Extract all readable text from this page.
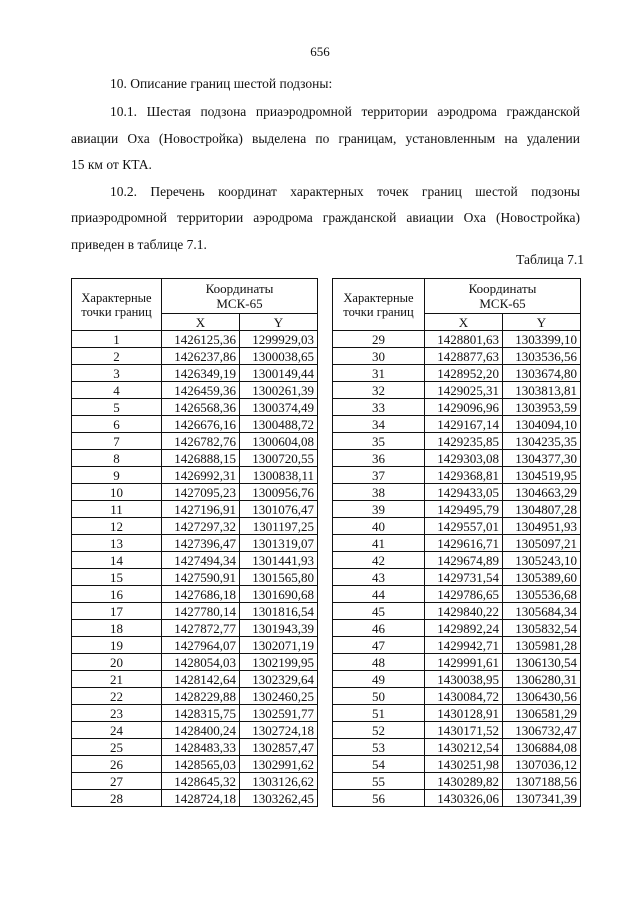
656
10. Описание границ шестой подзоны:
10.1. Шестая подзона приаэродромной территории аэродрома гражданской
авиации Оха (Новостройка) выделена по границам, установленным на удалении
15 км от КТА.
10.2. Перечень координат характерных точек границ шестой подзоны
приаэродромной территории аэродрома гражданской авиации Оха (Новостройка)
приведен в таблице 7.1.
Таблица 7.1
Характерные
точки границ	Координаты
МСК-65	
	X	Y
1	1426125,36	1299929,03
2	1426237,86	1300038,65
3	1426349,19	1300149,44
4	1426459,36	1300261,39
5	1426568,36	1300374,49
6	1426676,16	1300488,72
7	1426782,76	1300604,08
8	1426888,15	1300720,55
9	1426992,31	1300838,11
10	1427095,23	1300956,76
11	1427196,91	1301076,47
12	1427297,32	1301197,25
13	1427396,47	1301319,07
14	1427494,34	1301441,93
15	1427590,91	1301565,80
16	1427686,18	1301690,68
17	1427780,14	1301816,54
18	1427872,77	1301943,39
19	1427964,07	1302071,19
20	1428054,03	1302199,95
21	1428142,64	1302329,64
22	1428229,88	1302460,25
23	1428315,75	1302591,77
24	1428400,24	1302724,18
25	1428483,33	1302857,47
26	1428565,03	1302991,62
27	1428645,32	1303126,62
28	1428724,18	1303262,45
Характерные
точки границ	Координаты
МСК-65	
	X	Y
29	1428801,63	1303399,10
30	1428877,63	1303536,56
31	1428952,20	1303674,80
32	1429025,31	1303813,81
33	1429096,96	1303953,59
34	1429167,14	1304094,10
35	1429235,85	1304235,35
36	1429303,08	1304377,30
37	1429368,81	1304519,95
38	1429433,05	1304663,29
39	1429495,79	1304807,28
40	1429557,01	1304951,93
41	1429616,71	1305097,21
42	1429674,89	1305243,10
43	1429731,54	1305389,60
44	1429786,65	1305536,68
45	1429840,22	1305684,34
46	1429892,24	1305832,54
47	1429942,71	1305981,28
48	1429991,61	1306130,54
49	1430038,95	1306280,31
50	1430084,72	1306430,56
51	1430128,91	1306581,29
52	1430171,52	1306732,47
53	1430212,54	1306884,08
54	1430251,98	1307036,12
55	1430289,82	1307188,56
56	1430326,06	1307341,39
